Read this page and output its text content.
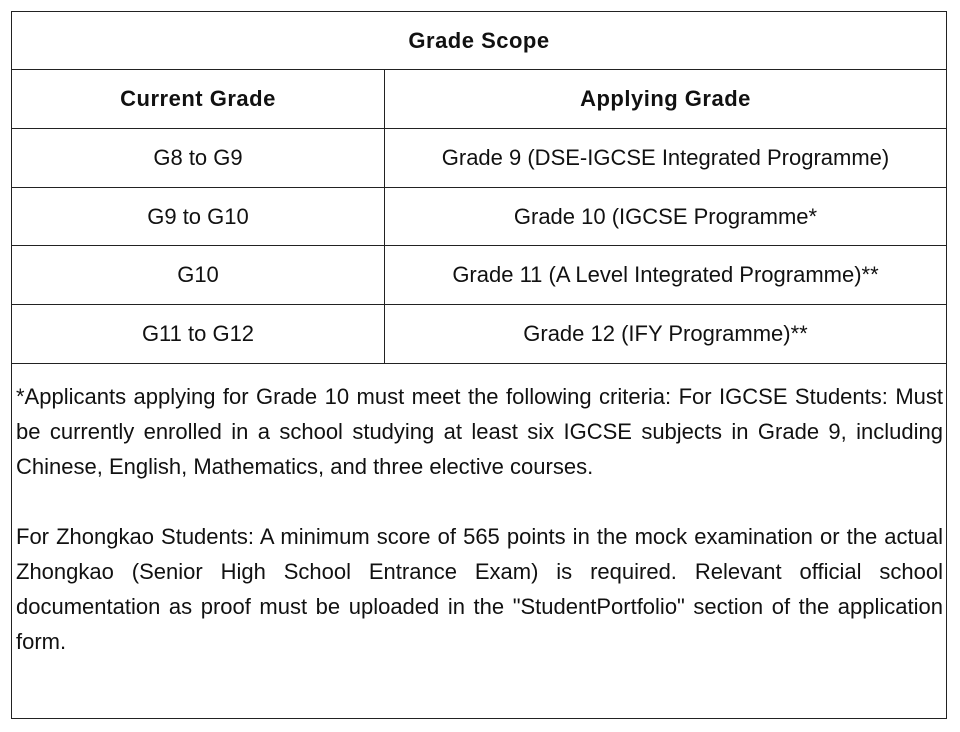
Grade Scope
Current Grade	Applying Grade
G8 to G9	Grade 9 (DSE-IGCSE Integrated Programme)
G9 to G10	Grade 10 (IGCSE Programme*
G10	Grade 11 (A Level Integrated Programme)**
G11 to G12	Grade 12 (IFY Programme)**

*Applicants applying for Grade 10 must meet the following criteria: For IGCSE Students: Must be currently enrolled in a school studying at least six IGCSE subjects in Grade 9, including Chinese, English, Mathematics, and three elective courses.

For Zhongkao Students: A minimum score of 565 points in the mock examination or the actual Zhongkao (Senior High School Entrance Exam) is required. Relevant official school documentation as proof must be uploaded in the "StudentPortfolio" section of the application form.
